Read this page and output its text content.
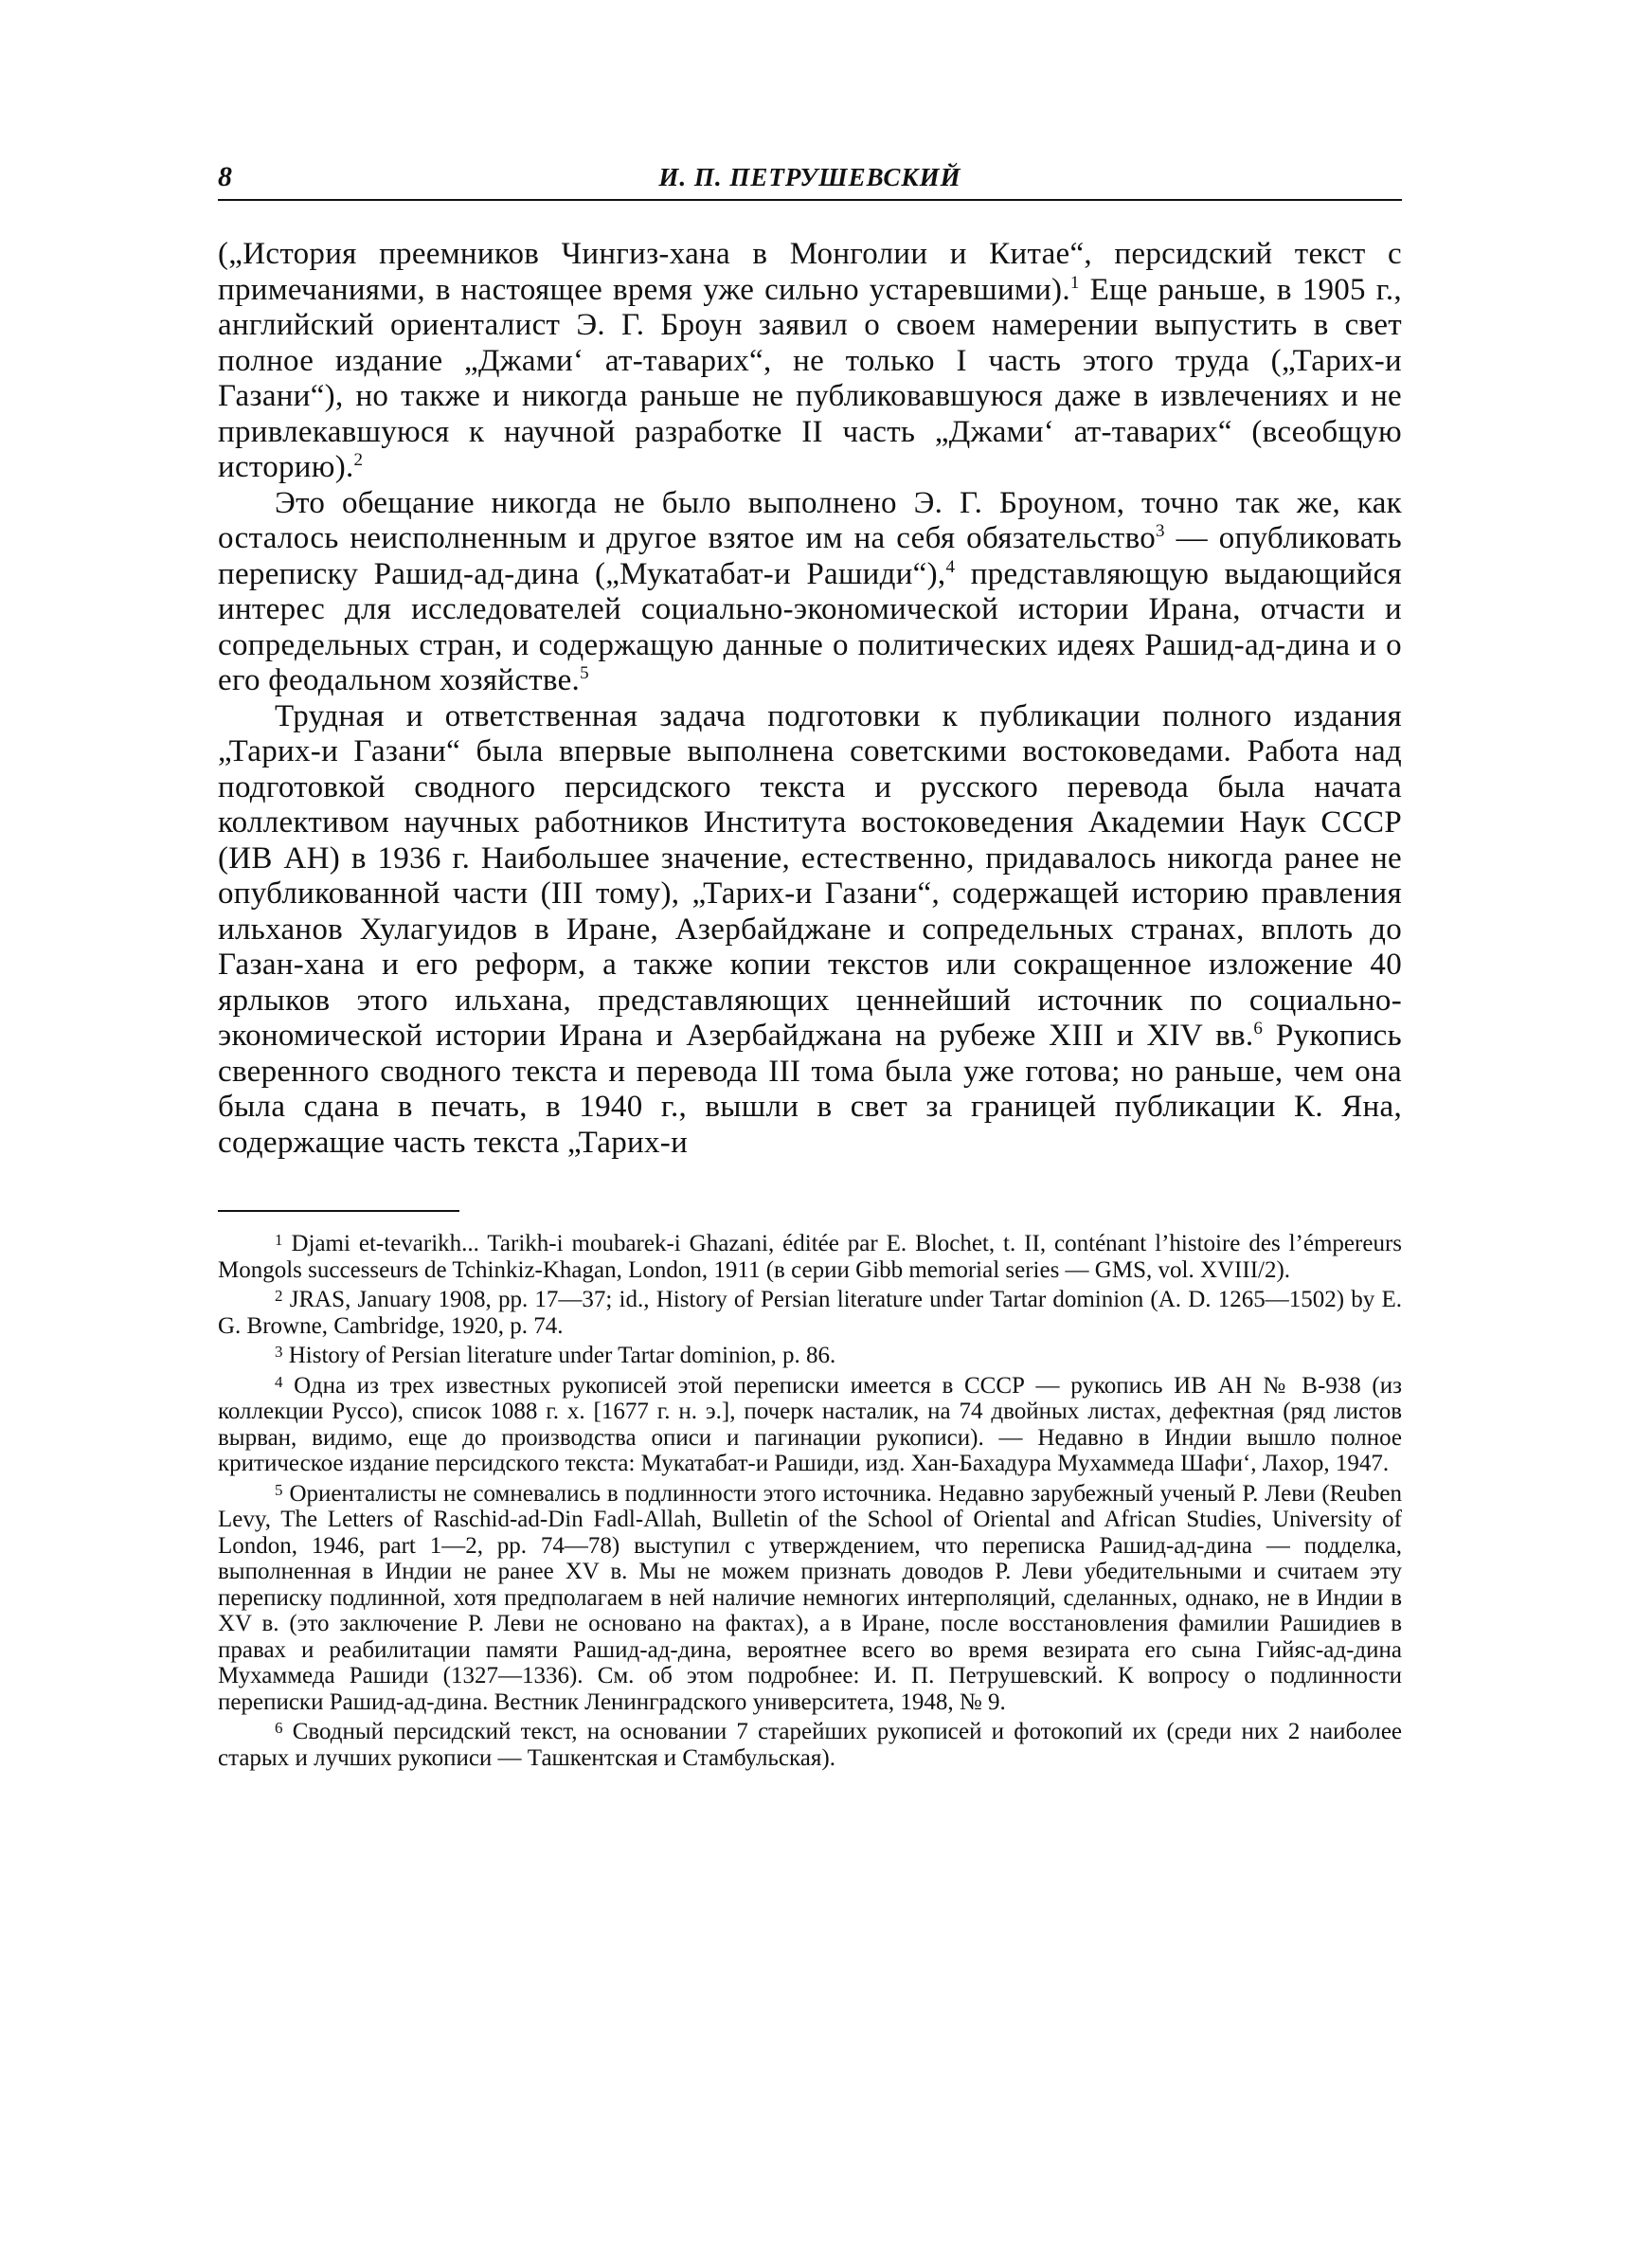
8	И. П. ПЕТРУШЕВСКИЙ

(„История преемников Чингиз-хана в Монголии и Китае“, персидский текст с примечаниями, в настоящее время уже сильно устаревшими).$^1$ Еще раньше, в 1905 г., английский ориенталист Э. Г. Броун заявил о своем намерении выпустить в свет полное издание „Джами‘ ат-таварих“, не только I часть этого труда („Тарих-и Газани“), но также и никогда раньше не публиковавшуюся даже в извлечениях и не привлекавшуюся к научной разработке II часть „Джами‘ ат-таварих“ (всеобщую историю).$^2$

Это обещание никогда не было выполнено Э. Г. Броуном, точно так же, как осталось неисполненным и другое взятое им на себя обязательство$^3$ — опубликовать переписку Рашид-ад-дина („Мукатабат-и Рашиди“),$^4$ представляющую выдающийся интерес для исследователей социально-экономической истории Ирана, отчасти и сопредельных стран, и содержащую данные о политических идеях Рашид-ад-дина и о его феодальном хозяйстве.$^5$

Трудная и ответственная задача подготовки к публикации полного издания „Тарих-и Газани“ была впервые выполнена советскими востоковедами. Работа над подготовкой сводного персидского текста и русского перевода была начата коллективом научных работников Института востоковедения Академии Наук СССР (ИВ АН) в 1936 г. Наибольшее значение, естественно, придавалось никогда ранее не опубликованной части (III тому), „Тарих-и Газани“, содержащей историю правления ильханов Хулагуидов в Иране, Азербайджане и сопредельных странах, вплоть до Газан-хана и его реформ, а также копии текстов или сокращенное изложение 40 ярлыков этого ильхана, представляющих ценнейший источник по социально-экономической истории Ирана и Азербайджана на рубеже XIII и XIV вв.$^6$ Рукопись сверенного сводного текста и перевода III тома была уже готова; но раньше, чем она была сдана в печать, в 1940 г., вышли в свет за границей публикации К. Яна, содержащие часть текста „Тарих-и

$^1$ Djami et-tevarikh... Tarikh-i moubarek-i Ghazani, éditée par E. Blochet, t. II, conténant l’histoire des l’émpereurs Mongols successeurs de Tchinkiz-Khagan, London, 1911 (в серии Gibb memorial series — GMS, vol. XVIII/2).

$^2$ JRAS, January 1908, pp. 17—37; id., History of Persian literature under Tartar dominion (A. D. 1265—1502) by E. G. Browne, Cambridge, 1920, p. 74.

$^3$ History of Persian literature under Tartar dominion, p. 86.

$^4$ Одна из трех известных рукописей этой переписки имеется в СССР — рукопись ИВ АН № В-938 (из коллекции Руссо), список 1088 г. х. [1677 г. н. э.], почерк насталик, на 74 двойных листах, дефектная (ряд листов вырван, видимо, еще до производства описи и пагинации рукописи). — Недавно в Индии вышло полное критическое издание персидского текста: Мукатабат-и Рашиди, изд. Хан-Бахадура Мухаммеда Шафи‘, Лахор, 1947.

$^5$ Ориенталисты не сомневались в подлинности этого источника. Недавно зарубежный ученый Р. Леви (Reuben Levy, The Letters of Raschid-ad-Din Fadl-Allah, Bulletin of the School of Oriental and African Studies, University of London, 1946, part 1—2, pp. 74—78) выступил с утверждением, что переписка Рашид-ад-дина — подделка, выполненная в Индии не ранее XV в. Мы не можем признать доводов Р. Леви убедительными и считаем эту переписку подлинной, хотя предполагаем в ней наличие немногих интерполяций, сделанных, однако, не в Индии в XV в. (это заключение Р. Леви не основано на фактах), а в Иране, после восстановления фамилии Рашидиев в правах и реабилитации памяти Рашид-ад-дина, вероятнее всего во время везирата его сына Гийяс-ад-дина Мухаммеда Рашиди (1327—1336). См. об этом подробнее: И. П. Петрушевский. К вопросу о подлинности переписки Рашид-ад-дина. Вестник Ленинградского университета, 1948, № 9.

$^6$ Сводный персидский текст, на основании 7 старейших рукописей и фотокопий их (среди них 2 наиболее старых и лучших рукописи — Ташкентская и Стамбульская).
